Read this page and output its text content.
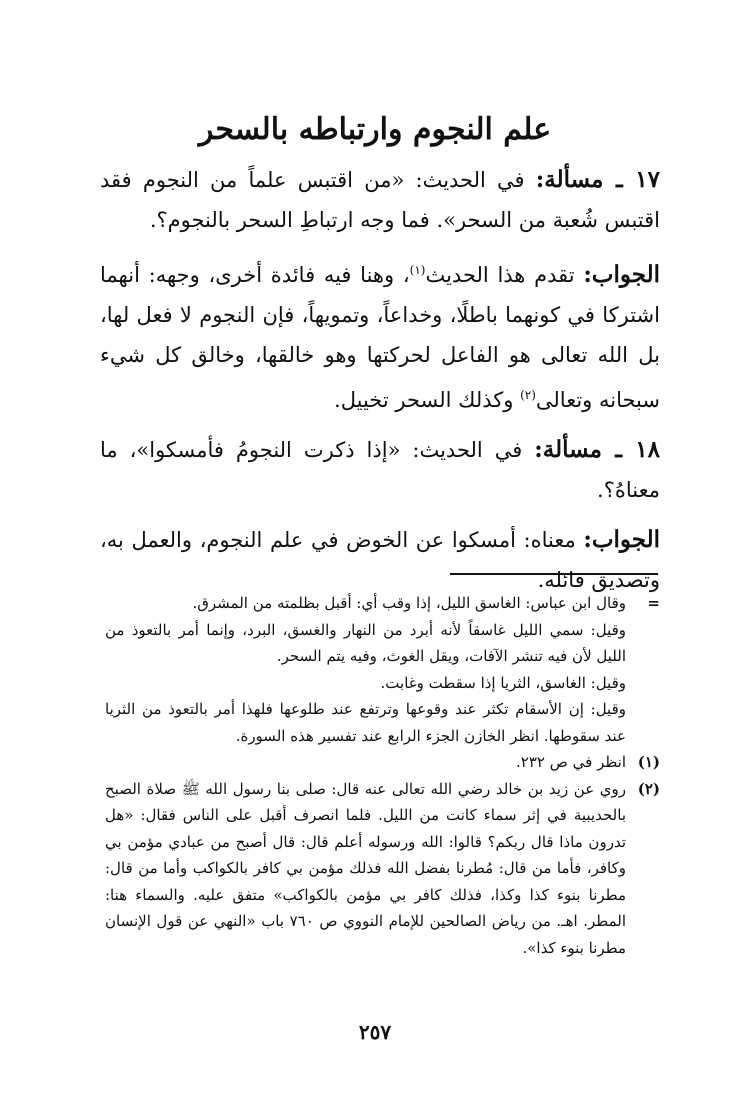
علم النجوم وارتباطه بالسحر

١٧ ـ مسألة: في الحديث: «من اقتبس علماً من النجوم فقد اقتبس شُعبة من السحر». فما وجه ارتباطِ السحر بالنجوم؟.

الجواب: تقدم هذا الحديث$^{(١)}$، وهنا فيه فائدة أخرى، وجهه: أنهما اشتركا في كونهما باطلًا، وخداعاً، وتمويهاً، فإن النجوم لا فعل لها، بل الله تعالى هو الفاعل لحركتها وهو خالقها، وخالق كل شيء سبحانه وتعالى$^{(٢)}$ وكذلك السحر تخييل.

١٨ ـ مسألة: في الحديث: «إذا ذكرت النجومُ فأمسكوا»، ما معناهُ؟.

الجواب: معناه: أمسكوا عن الخوض في علم النجوم، والعمل به، وتصديق قائله.

=
وقال ابن عباس: الغاسق الليل، إذا وقب أي: أقبل بظلمته من المشرق.

وقيل: سمي الليل غاسقاً لأنه أبرد من النهار والغسق، البرد، وإنما أمر بالتعوذ من الليل لأن فيه تنشر الآفات، ويقل الغوث، وفيه يتم السحر.

وقيل: الغاسق، الثريا إذا سقطت وغابت.

وقيل: إن الأسقام تكثر عند وقوعها وترتفع عند طلوعها فلهذا أمر بالتعوذ من الثريا عند سقوطها. انظر الخازن الجزء الرابع عند تفسير هذه السورة.

(١)
انظر في ص ٢٣٢.
(٢)
روي عن زيد بن خالد رضي الله تعالى عنه قال: صلى بنا رسول الله ﷺ صلاة الصبح بالحديبية في إثر سماء كانت من الليل. فلما انصرف أقبل على الناس فقال: «هل تدرون ماذا قال ربكم؟ قالوا: الله ورسوله أعلم قال: قال أصبح من عبادي مؤمن بي وكافر، فأما من قال: مُطرنا بفضل الله فذلك مؤمن بي كافر بالكواكب وأما من قال: مطرنا بنوء كذا وكذا، فذلك كافر بي مؤمن بالكواكب» متفق عليه. والسماء هنا: المطر. اهـ. من رياض الصالحين للإمام النووي ص ٧٦٠ باب «النهي عن قول الإنسان مطرنا بنوء كذا».
٢٥٧
